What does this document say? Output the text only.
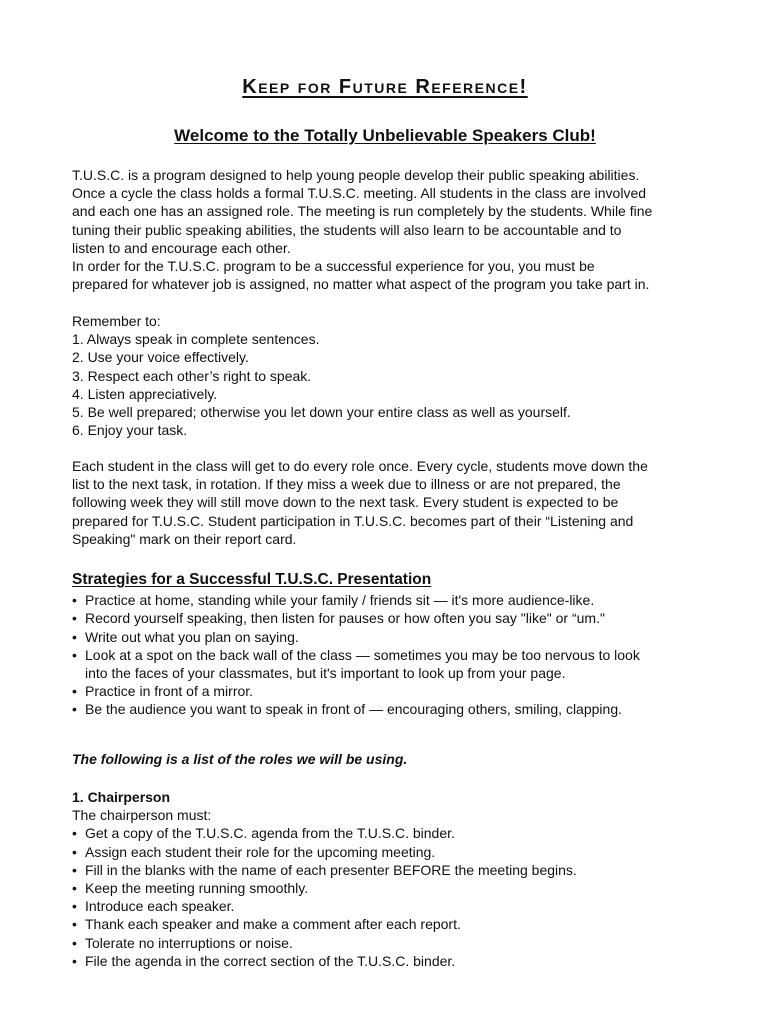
Keep for Future Reference!
Welcome to the Totally Unbelievable Speakers Club!
T.U.S.C. is a program designed to help young people develop their public speaking abilities.
Once a cycle the class holds a formal T.U.S.C. meeting. All students in the class are involved
and each one has an assigned role. The meeting is run completely by the students. While fine
tuning their public speaking abilities, the students will also learn to be accountable and to
listen to and encourage each other.
In order for the T.U.S.C. program to be a successful experience for you, you must be
prepared for whatever job is assigned, no matter what aspect of the program you take part in.
Remember to:
1. Always speak in complete sentences.
2. Use your voice effectively.
3. Respect each other’s right to speak.
4. Listen appreciatively.
5. Be well prepared; otherwise you let down your entire class as well as yourself.
6. Enjoy your task.
Each student in the class will get to do every role once. Every cycle, students move down the
list to the next task, in rotation. If they miss a week due to illness or are not prepared, the
following week they will still move down to the next task. Every student is expected to be
prepared for T.U.S.C. Student participation in T.U.S.C. becomes part of their “Listening and
Speaking" mark on their report card.
Strategies for a Successful T.U.S.C. Presentation
• Practice at home, standing while your family / friends sit — it's more audience-like.
• Record yourself speaking, then listen for pauses or how often you say "like" or “um."
• Write out what you plan on saying.
• Look at a spot on the back wall of the class — sometimes you may be too nervous to look
into the faces of your classmates, but it's important to look up from your page.
• Practice in front of a mirror.
• Be the audience you want to speak in front of — encouraging others, smiling, clapping.
The following is a list of the roles we will be using.
1. Chairperson
The chairperson must:
• Get a copy of the T.U.S.C. agenda from the T.U.S.C. binder.
• Assign each student their role for the upcoming meeting.
• Fill in the blanks with the name of each presenter BEFORE the meeting begins.
• Keep the meeting running smoothly.
• Introduce each speaker.
• Thank each speaker and make a comment after each report.
• Tolerate no interruptions or noise.
• File the agenda in the correct section of the T.U.S.C. binder.
